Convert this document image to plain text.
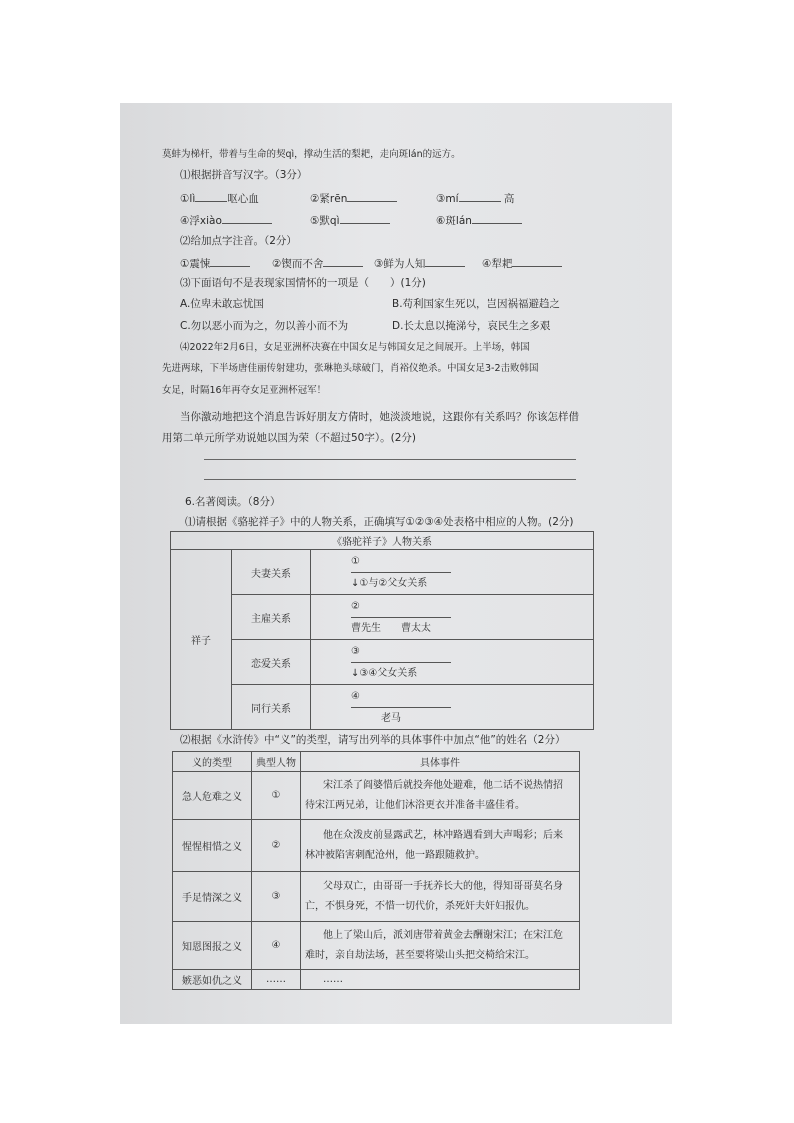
莫蚌为梯杆，带着与生命的契qì，撑动生活的梨耙，走向斑lán的远方。
⑴根据拼音写汉字。（3分）
①lì	呕心血	②紧rēn	③mí	高
④浮xiào	⑤默qì	⑥斑lán
⑵给加点字注音。（2分）
①震悚	②锲而不舍	③鲜为人知	④犁耙
⑶下面语句不是表现家国情怀的一项是（　　）(1分)
A.位卑未敢忘忧国	B.苟利国家生死以，岂因祸福避趋之
C.勿以恶小而为之，勿以善小而不为	D.长太息以掩涕兮，哀民生之多艰
⑷2022年2月6日，女足亚洲杯决赛在中国女足与韩国女足之间展开。上半场，韩国
先进两球，下半场唐佳丽传射建功，张琳艳头球破门，肖裕仪绝杀。中国女足3-2击败韩国
女足，时隔16年再夺女足亚洲杯冠军！
当你激动地把这个消息告诉好朋友方倩时，她淡淡地说，这跟你有关系吗？你该怎样借
用第二单元所学劝说她以国为荣（不超过50字）。(2分)
6.名著阅读。（8分）
⑴请根据《骆驼祥子》中的人物关系，正确填写①②③④处表格中相应的人物。(2分)
《骆驼祥子》人物关系		
祥子	夫妻关系	①
↓①与②父女关系

	主雇关系	②
曹先生　　曹太太

	恋爱关系	③
↓③④父女关系

	同行关系	④
老马
⑵根据《水浒传》中“义”的类型，请写出列举的具体事件中加点“他”的姓名（2分）
义的类型	典型人物	具体事件
急人危难之义	①	宋江杀了阎婆惜后就投奔他处避难，他二话不说热情招
待宋江两兄弟，让他们沐浴更衣并准备丰盛佳肴。

惺惺相惜之义	②	他在众泼皮前显露武艺，林冲路遇看到大声喝彩；后来
林冲被陷害刺配沧州，他一路跟随救护。

手足情深之义	③	父母双亡，由哥哥一手抚养长大的他，得知哥哥莫名身
亡，不惧身死，不惜一切代价，杀死奸夫奸妇报仇。

知恩图报之义	④	他上了梁山后，派刘唐带着黄金去酬谢宋江；在宋江危
难时，亲自劫法场，甚至要将梁山头把交椅给宋江。

嫉恶如仇之义	……	……
